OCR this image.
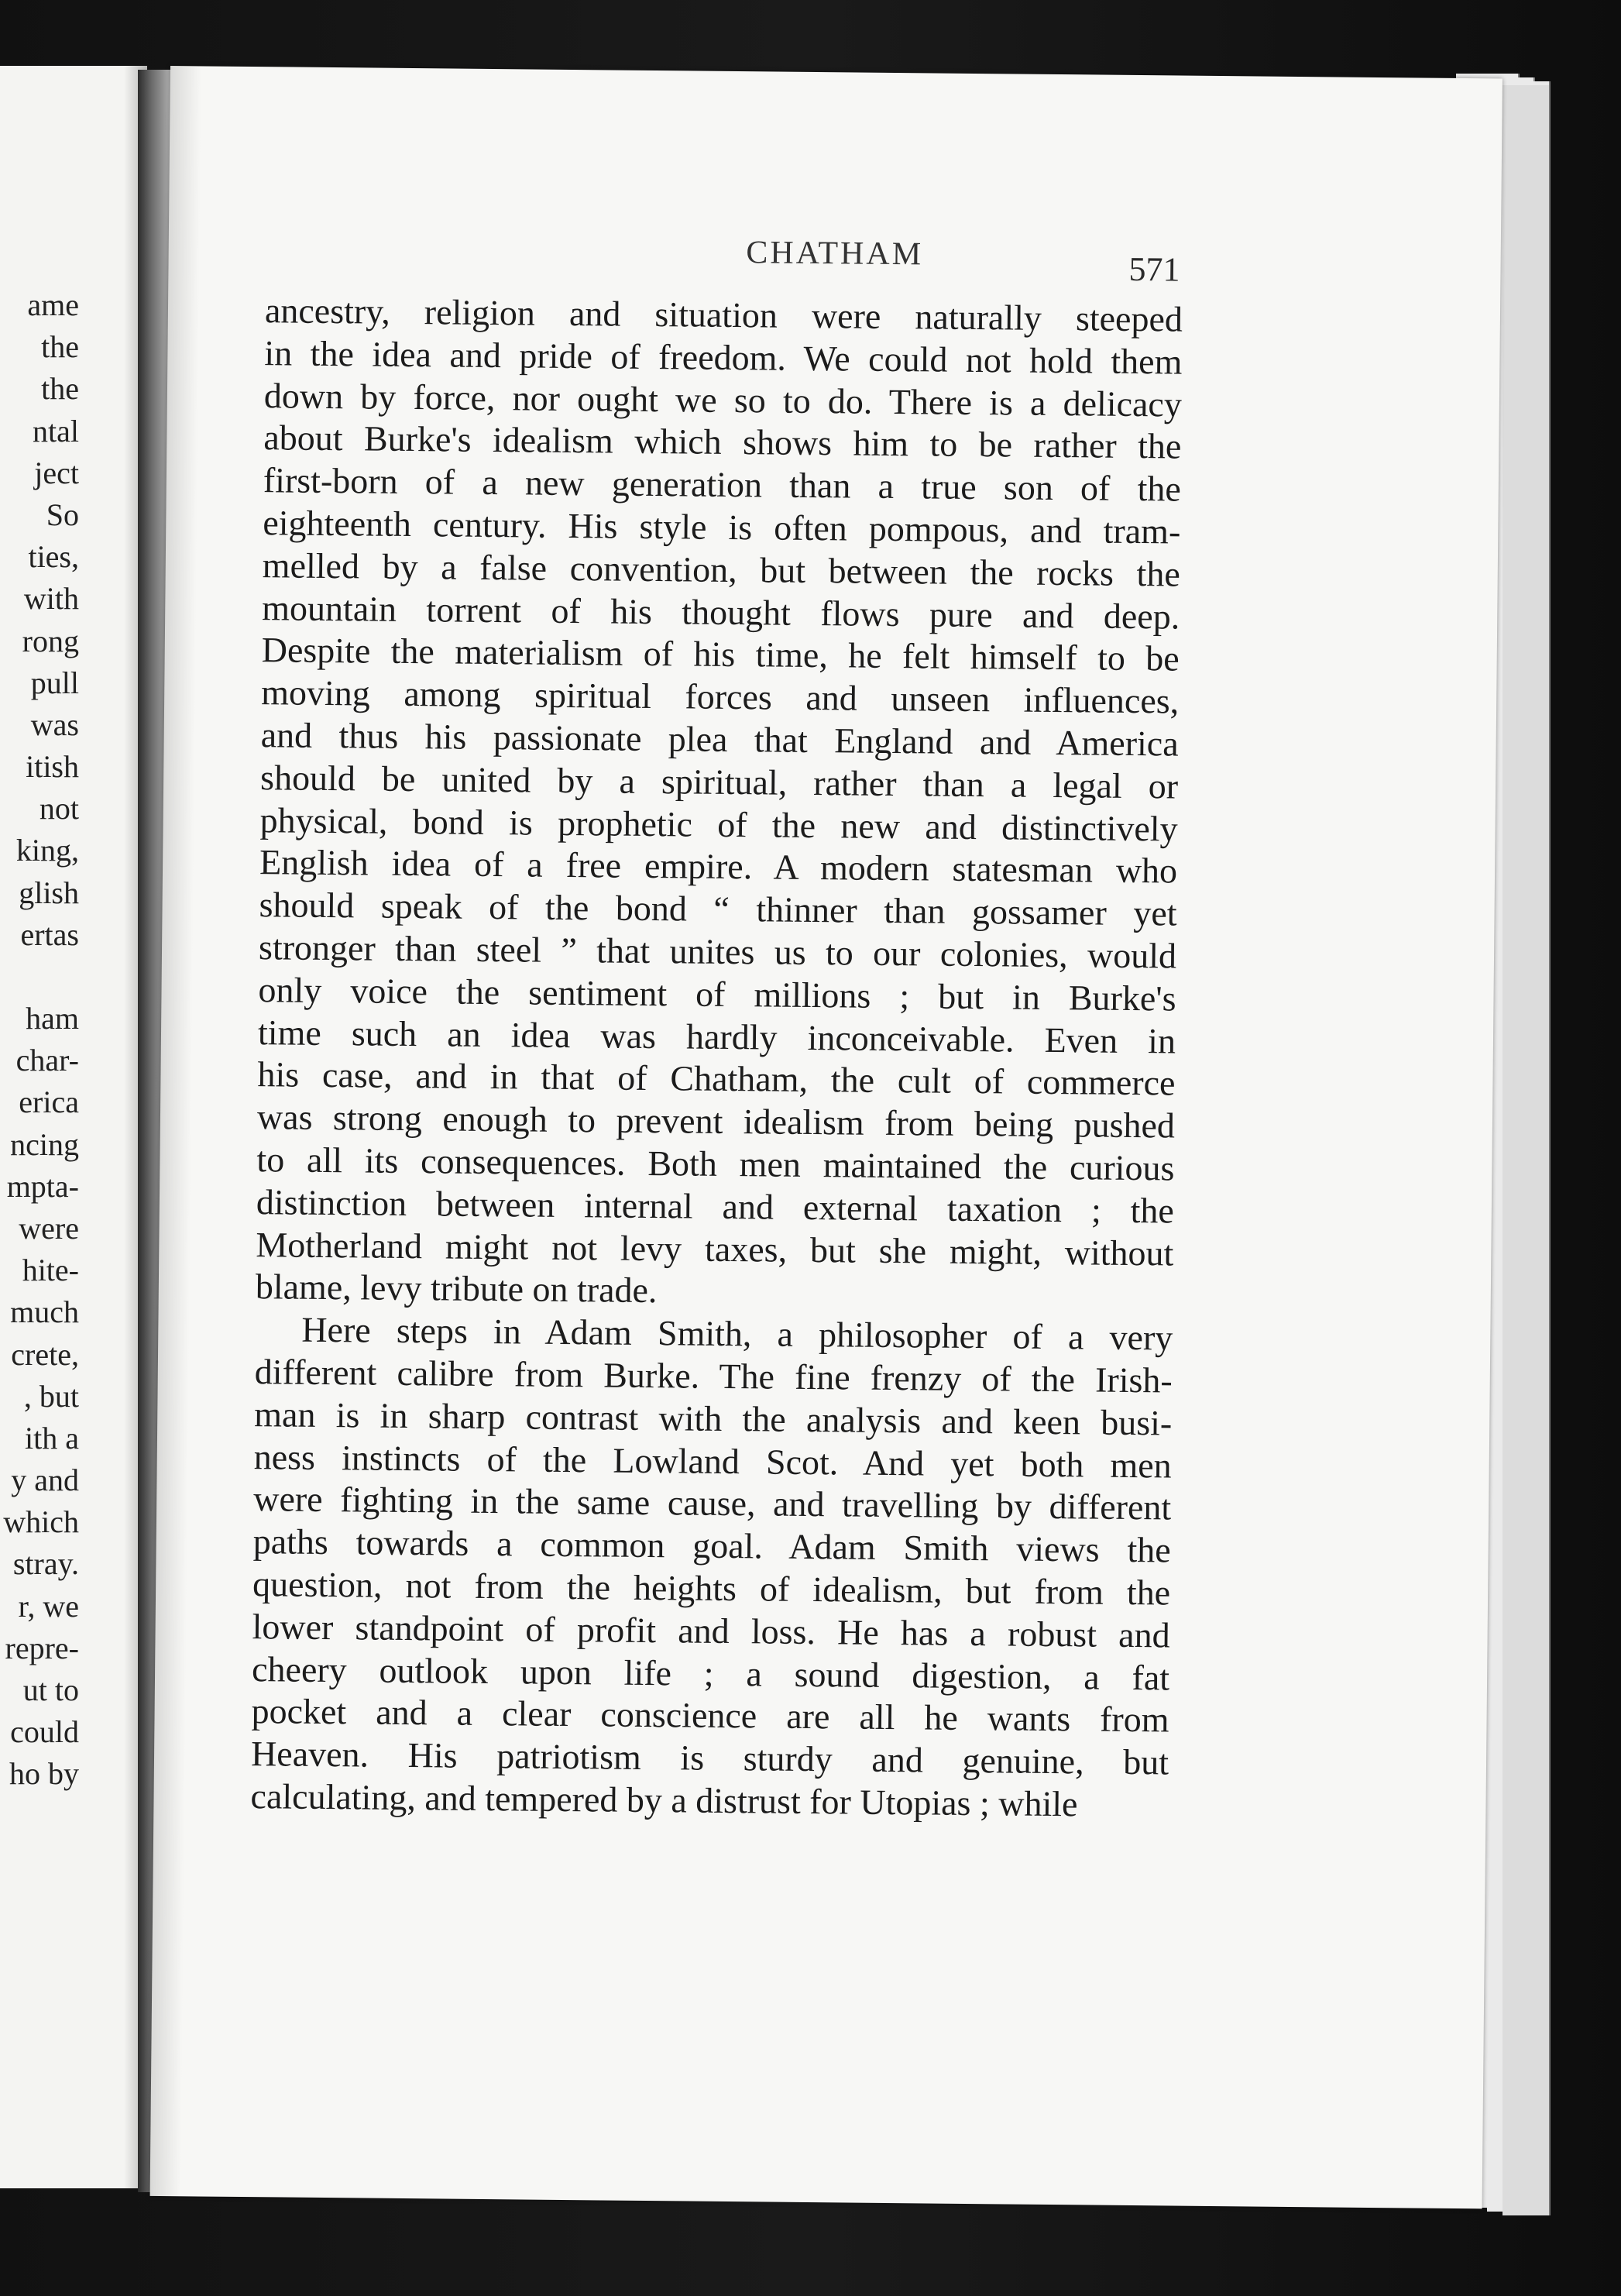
ame
the
the
ntal
ject
So
ties,
with
rong
pull
was
itish
not
king,
glish
ertas
ham
char-
erica
ncing
mpta-
were
hite-
much
crete,
, but
ith a
y and
which
stray.
r, we
repre-
ut to
could
ho by
CHATHAM	571
ancestry, religion and situation were naturally steeped
in the idea and pride of freedom. We could not hold them
down by force, nor ought we so to do. There is a delicacy
about Burke's idealism which shows him to be rather the
first-born of a new generation than a true son of the
eighteenth century. His style is often pompous, and tram-
melled by a false convention, but between the rocks the
mountain torrent of his thought flows pure and deep.
Despite the materialism of his time, he felt himself to be
moving among spiritual forces and unseen influences,
and thus his passionate plea that England and America
should be united by a spiritual, rather than a legal or
physical, bond is prophetic of the new and distinctively
English idea of a free empire. A modern statesman who
should speak of the bond “ thinner than gossamer yet
stronger than steel ” that unites us to our colonies, would
only voice the sentiment of millions ; but in Burke's
time such an idea was hardly inconceivable. Even in
his case, and in that of Chatham, the cult of commerce
was strong enough to prevent idealism from being pushed
to all its consequences. Both men maintained the curious
distinction between internal and external taxation ; the
Motherland might not levy taxes, but she might, without
blame, levy tribute on trade.
Here steps in Adam Smith, a philosopher of a very
different calibre from Burke. The fine frenzy of the Irish-
man is in sharp contrast with the analysis and keen busi-
ness instincts of the Lowland Scot. And yet both men
were fighting in the same cause, and travelling by different
paths towards a common goal. Adam Smith views the
question, not from the heights of idealism, but from the
lower standpoint of profit and loss. He has a robust and
cheery outlook upon life ; a sound digestion, a fat
pocket and a clear conscience are all he wants from
Heaven. His patriotism is sturdy and genuine, but
calculating, and tempered by a distrust for Utopias ; while
